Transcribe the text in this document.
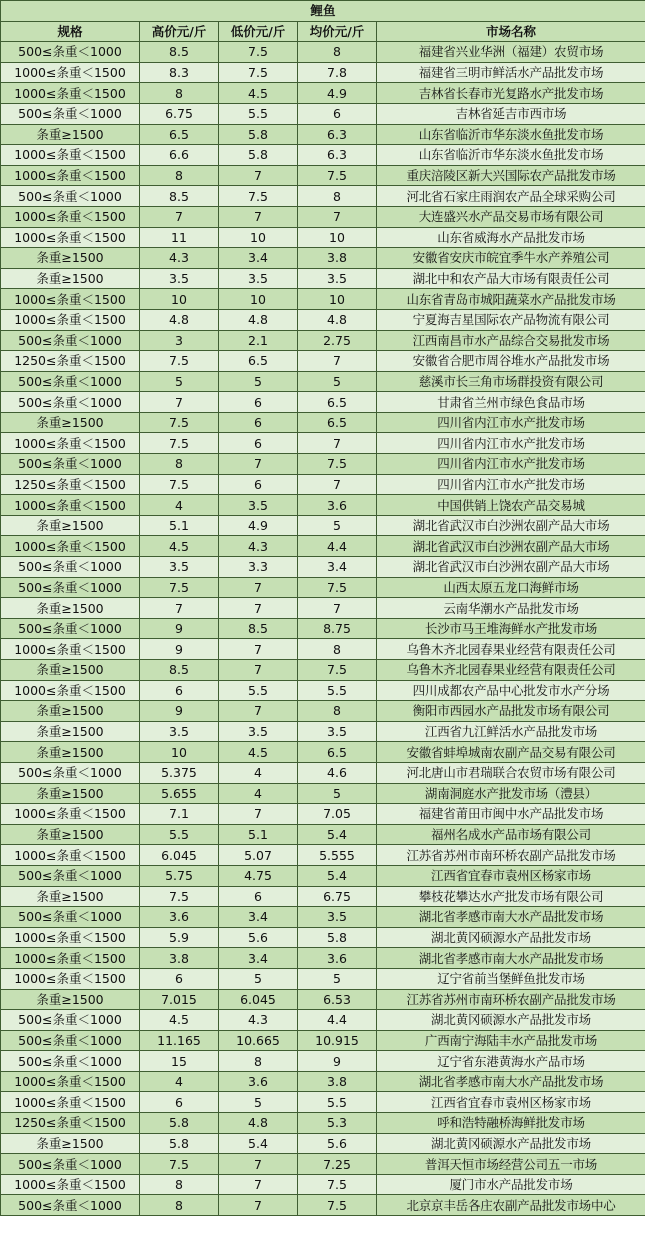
鲤鱼				
规格	高价元/斤	低价元/斤	均价元/斤	市场名称
500≤条重＜1000	8.5	7.5	8	福建省兴业华洲（福建）农贸市场
1000≤条重＜1500	8.3	7.5	7.8	福建省三明市鲜活水产品批发市场
1000≤条重＜1500	8	4.5	4.9	吉林省长春市光复路水产批发市场
500≤条重＜1000	6.75	5.5	6	吉林省延吉市西市场
条重≥1500	6.5	5.8	6.3	山东省临沂市华东淡水鱼批发市场
1000≤条重＜1500	6.6	5.8	6.3	山东省临沂市华东淡水鱼批发市场
1000≤条重＜1500	8	7	7.5	重庆涪陵区新大兴国际农产品批发市场
500≤条重＜1000	8.5	7.5	8	河北省石家庄雨润农产品全球采购公司
1000≤条重＜1500	7	7	7	大连盛兴水产品交易市场有限公司
1000≤条重＜1500	11	10	10	山东省威海水产品批发市场
条重≥1500	4.3	3.4	3.8	安徽省安庆市皖宜季牛水产养殖公司
条重≥1500	3.5	3.5	3.5	湖北中和农产品大市场有限责任公司
1000≤条重＜1500	10	10	10	山东省青岛市城阳蔬菜水产品批发市场
1000≤条重＜1500	4.8	4.8	4.8	宁夏海吉星国际农产品物流有限公司
500≤条重＜1000	3	2.1	2.75	江西南昌市水产品综合交易批发市场
1250≤条重＜1500	7.5	6.5	7	安徽省合肥市周谷堆水产品批发市场
500≤条重＜1000	5	5	5	慈溪市长三角市场群投资有限公司
500≤条重＜1000	7	6	6.5	甘肃省兰州市绿色食品市场
条重≥1500	7.5	6	6.5	四川省内江市水产批发市场
1000≤条重＜1500	7.5	6	7	四川省内江市水产批发市场
500≤条重＜1000	8	7	7.5	四川省内江市水产批发市场
1250≤条重＜1500	7.5	6	7	四川省内江市水产批发市场
1000≤条重＜1500	4	3.5	3.6	中国供销上饶农产品交易城
条重≥1500	5.1	4.9	5	湖北省武汉市白沙洲农副产品大市场
1000≤条重＜1500	4.5	4.3	4.4	湖北省武汉市白沙洲农副产品大市场
500≤条重＜1000	3.5	3.3	3.4	湖北省武汉市白沙洲农副产品大市场
500≤条重＜1000	7.5	7	7.5	山西太原五龙口海鲜市场
条重≥1500	7	7	7	云南华潮水产品批发市场
500≤条重＜1000	9	8.5	8.75	长沙市马王堆海鲜水产批发市场
1000≤条重＜1500	9	7	8	乌鲁木齐北园春果业经营有限责任公司
条重≥1500	8.5	7	7.5	乌鲁木齐北园春果业经营有限责任公司
1000≤条重＜1500	6	5.5	5.5	四川成都农产品中心批发市水产分场
条重≥1500	9	7	8	衡阳市西园水产品批发市场有限公司
条重≥1500	3.5	3.5	3.5	江西省九江鲜活水产品批发市场
条重≥1500	10	4.5	6.5	安徽省蚌埠城南农副产品交易有限公司
500≤条重＜1000	5.375	4	4.6	河北唐山市君瑞联合农贸市场有限公司
条重≥1500	5.655	4	5	湖南洞庭水产批发市场（澧县）
1000≤条重＜1500	7.1	7	7.05	福建省莆田市闽中水产品批发市场
条重≥1500	5.5	5.1	5.4	福州名成水产品市场有限公司
1000≤条重＜1500	6.045	5.07	5.555	江苏省苏州市南环桥农副产品批发市场
500≤条重＜1000	5.75	4.75	5.4	江西省宜春市袁州区杨家市场
条重≥1500	7.5	6	6.75	攀枝花攀达水产批发市场有限公司
500≤条重＜1000	3.6	3.4	3.5	湖北省孝感市南大水产品批发市场
1000≤条重＜1500	5.9	5.6	5.8	湖北黄冈硕源水产品批发市场
1000≤条重＜1500	3.8	3.4	3.6	湖北省孝感市南大水产品批发市场
1000≤条重＜1500	6	5	5	辽宁省前当堡鲜鱼批发市场
条重≥1500	7.015	6.045	6.53	江苏省苏州市南环桥农副产品批发市场
500≤条重＜1000	4.5	4.3	4.4	湖北黄冈硕源水产品批发市场
500≤条重＜1000	11.165	10.665	10.915	广西南宁海陆丰水产品批发市场
500≤条重＜1000	15	8	9	辽宁省东港黄海水产品市场
1000≤条重＜1500	4	3.6	3.8	湖北省孝感市南大水产品批发市场
1000≤条重＜1500	6	5	5.5	江西省宜春市袁州区杨家市场
1250≤条重＜1500	5.8	4.8	5.3	呼和浩特融桥海鲜批发市场
条重≥1500	5.8	5.4	5.6	湖北黄冈硕源水产品批发市场
500≤条重＜1000	7.5	7	7.25	普洱天恒市场经营公司五一市场
1000≤条重＜1500	8	7	7.5	厦门市水产品批发市场
500≤条重＜1000	8	7	7.5	北京京丰岳各庄农副产品批发市场中心
